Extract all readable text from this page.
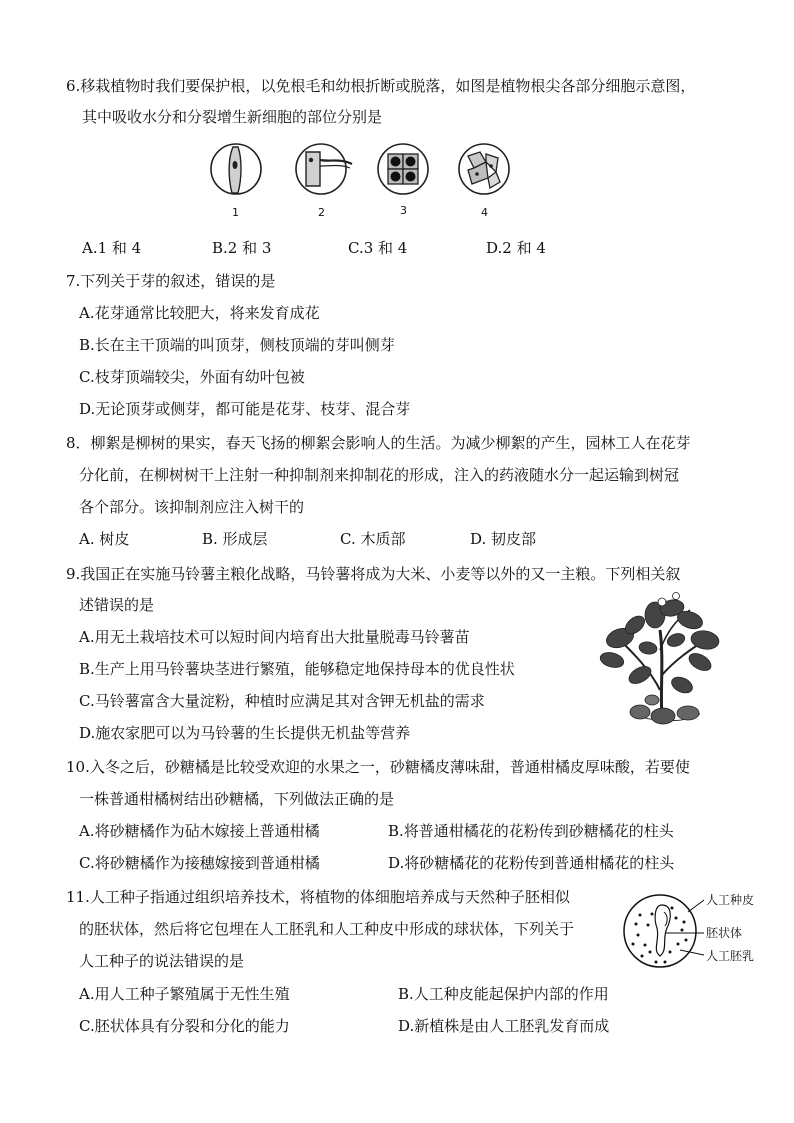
6.移栽植物时我们要保护根，以免根毛和幼根折断或脱落，如图是植物根尖各部分细胞示意图，
其中吸收水分和分裂增生新细胞的部位分别是
1	2	3	4
A.1 和 4	B.2 和 3	C.3 和 4	D.2 和 4
7.下列关于芽的叙述，错误的是
A.花芽通常比较肥大，将来发育成花
B.长在主干顶端的叫顶芽，侧枝顶端的芽叫侧芽
C.枝芽顶端较尖，外面有幼叶包被
D.无论顶芽或侧芽，都可能是花芽、枝芽、混合芽
8．柳絮是柳树的果实，春天飞扬的柳絮会影响人的生活。为减少柳絮的产生，园林工人在花芽
分化前，在柳树树干上注射一种抑制剂来抑制花的形成，注入的药液随水分一起运输到树冠
各个部分。该抑制剂应注入树干的
A. 树皮	B. 形成层	C. 木质部	D. 韧皮部
9.我国正在实施马铃薯主粮化战略，马铃薯将成为大米、小麦等以外的又一主粮。下列相关叙
述错误的是
A.用无土栽培技术可以短时间内培育出大批量脱毒马铃薯苗
B.生产上用马铃薯块茎进行繁殖，能够稳定地保持母本的优良性状
C.马铃薯富含大量淀粉，种植时应满足其对含钾无机盐的需求
D.施农家肥可以为马铃薯的生长提供无机盐等营养
10.入冬之后，砂糖橘是比较受欢迎的水果之一，砂糖橘皮薄味甜，普通柑橘皮厚味酸，若要使
一株普通柑橘树结出砂糖橘，下列做法正确的是
A.将砂糖橘作为砧木嫁接上普通柑橘	B.将普通柑橘花的花粉传到砂糖橘花的柱头
C.将砂糖橘作为接穗嫁接到普通柑橘	D.将砂糖橘花的花粉传到普通柑橘花的柱头
11.人工种子指通过组织培养技术，将植物的体细胞培养成与天然种子胚相似
的胚状体，然后将它包埋在人工胚乳和人工种皮中形成的球状体，下列关于
人工种子的说法错误的是
人工种皮
胚状体
人工胚乳
A.用人工种子繁殖属于无性生殖	B.人工种皮能起保护内部的作用
C.胚状体具有分裂和分化的能力	D.新植株是由人工胚乳发育而成
